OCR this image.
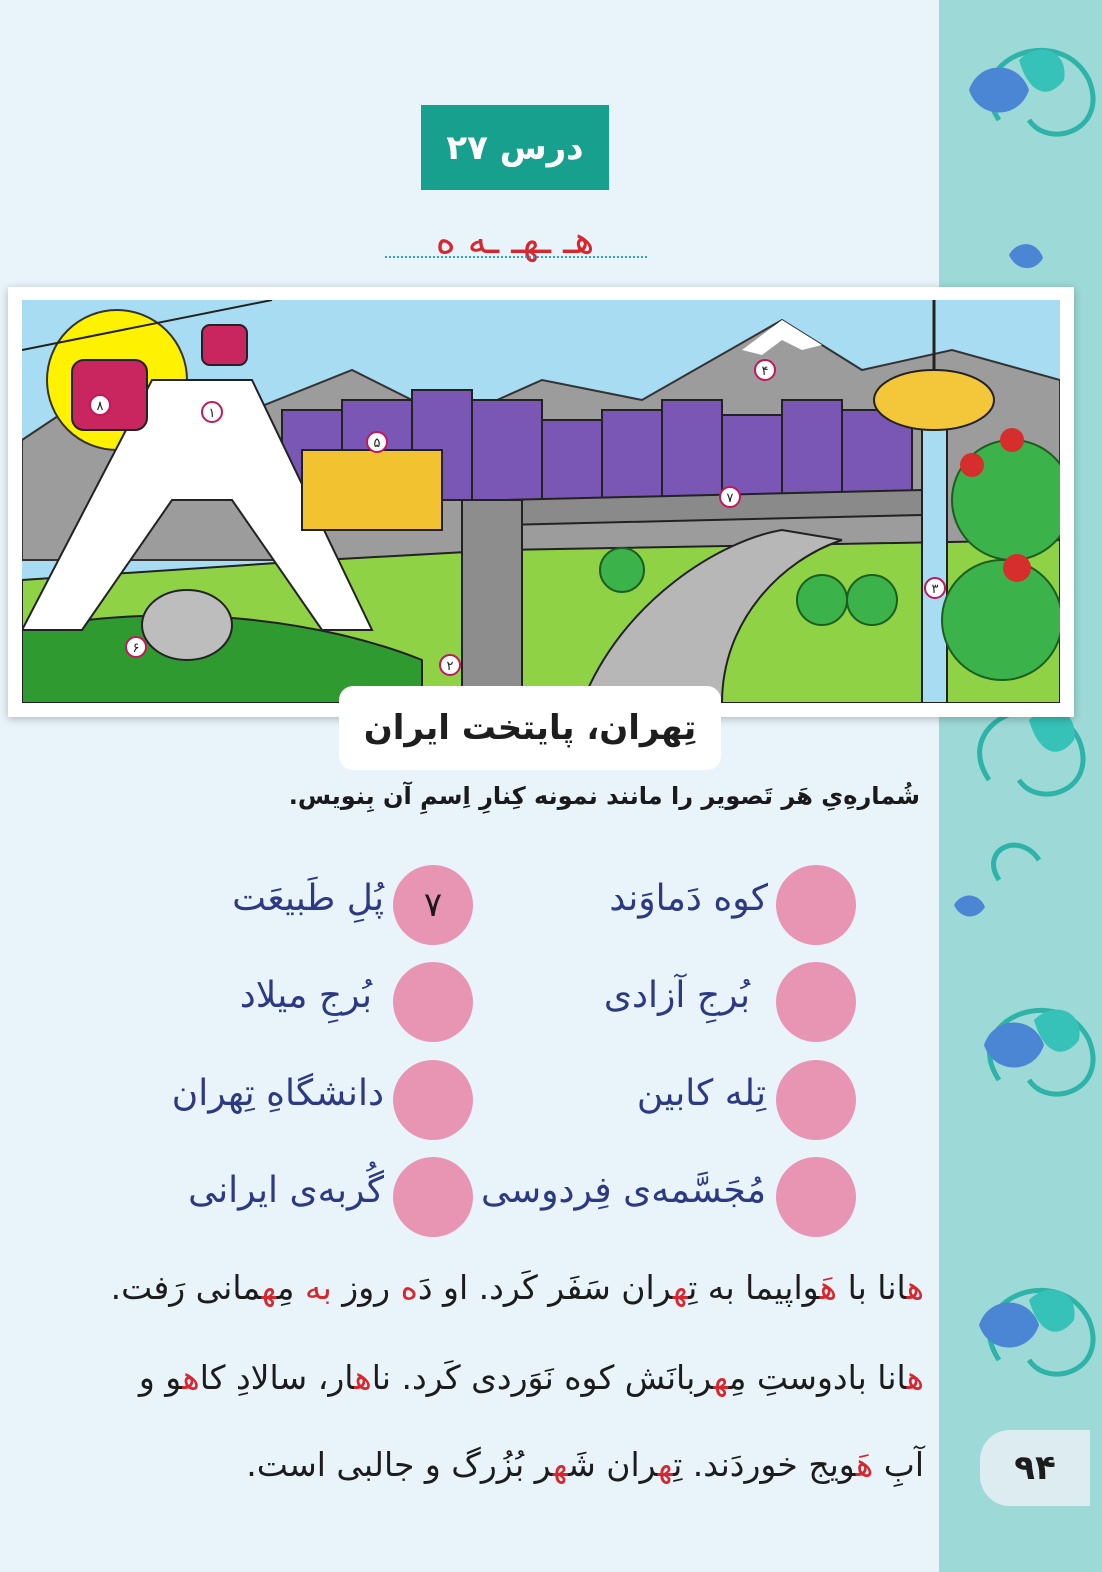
۹۴
درس ۲۷
هـ ـهـ ـه ه
۱
۲
۳
۴
۵
۶
۷
۸
تِهران، پایتخت ایران
شُمارهِ‌یِ هَر تَصویر را مانند نمونه کِنارِ اِسمِ آن بِنویس.
کوه دَماوَند
بُرجِ آزادی
تِله کابین
مُجَسَّمه‌ی فِردوسی
۷
پُلِ طَبیعَت
بُرجِ میلاد
دانشگاهِ تِهران
گُربه‌ی ایرانی
هانا با هَواپیما به تِهران سَفَر کَرد. او دَه روز به مِهمانی رَفت.
هانا بادوستِ مِهربانَش کوه نَوَردی کَرد. ناهار، سالادِ کاهو و
آبِ هَویج خوردَند. تِهران شَهر بُزُرگ و جالبی است.
